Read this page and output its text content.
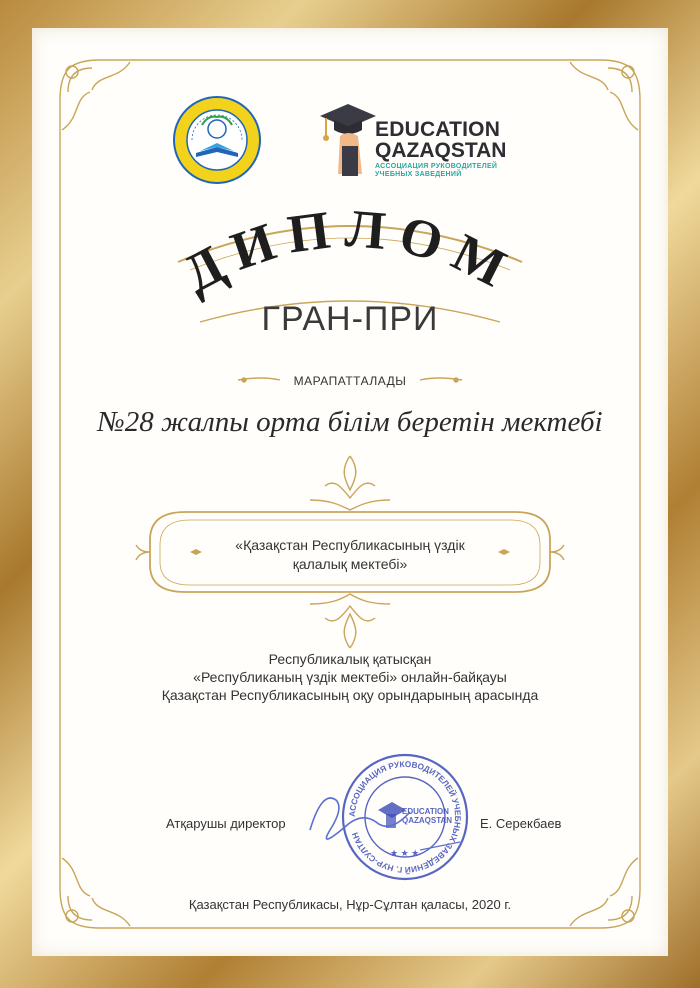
EDUCATION
QAZAQSTAN
АССОЦИАЦИЯ РУКОВОДИТЕЛЕЙ
УЧЕБНЫХ ЗАВЕДЕНИЙ
ДИПЛОМ
ГРАН-ПРИ
МАРАПАТТАЛАДЫ
№28 жалпы орта білім беретін мектебі
«Қазақстан Республикасының үздік
қалалық мектебі»
Республикалық қатысқан
«Республиканың үздік мектебі» онлайн-байқауы
Қазақстан Республикасының оқу орындарының арасында
АССОЦИАЦИЯ РУКОВОДИТЕЛЕЙ УЧЕБНЫХ ЗАВЕДЕНИЙ Г. НУР-СУЛТАН
EDUCATION
QAZAQSTAN
★ ★ ★
Атқарушы директор	Е. Серекбаев
Қазақстан Республикасы, Нұр-Сұлтан қаласы, 2020 г.
